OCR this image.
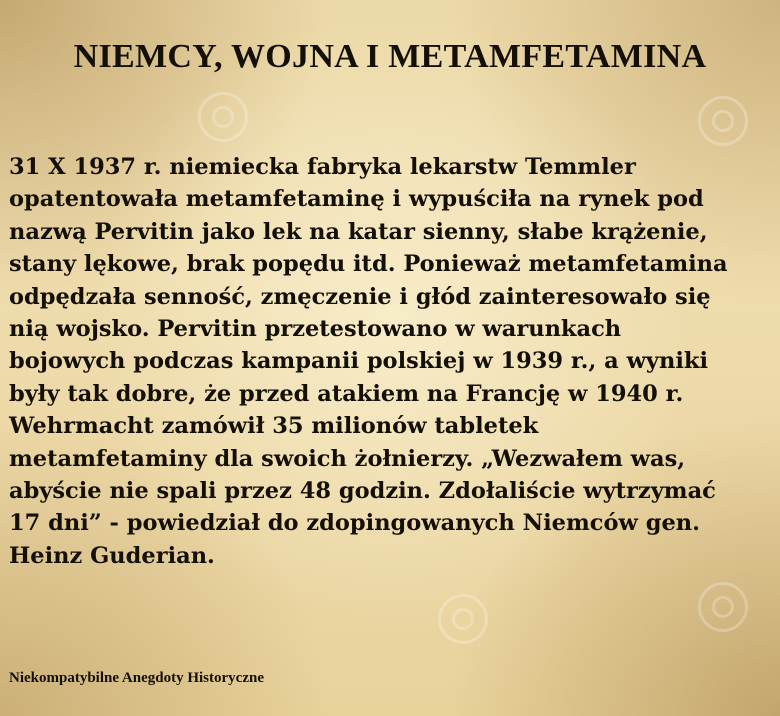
NIEMCY, WOJNA I METAMFETAMINA

31 X 1937 r. niemiecka fabryka lekarstw Temmler
opatentowała metamfetaminę i wypuściła na rynek pod
nazwą Pervitin jako lek na katar sienny, słabe krążenie,
stany lękowe, brak popędu itd. Ponieważ metamfetamina
odpędzała senność, zmęczenie i głód zainteresowało się
nią wojsko. Pervitin przetestowano w warunkach
bojowych podczas kampanii polskiej w 1939 r., a wyniki
były tak dobre, że przed atakiem na Francję w 1940 r.
Wehrmacht zamówił 35 milionów tabletek
metamfetaminy dla swoich żołnierzy. „Wezwałem was,
abyście nie spali przez 48 godzin. Zdołaliście wytrzymać
17 dni” - powiedział do zdopingowanych Niemców gen.
Heinz Guderian.

Niekompatybilne Anegdoty Historyczne
